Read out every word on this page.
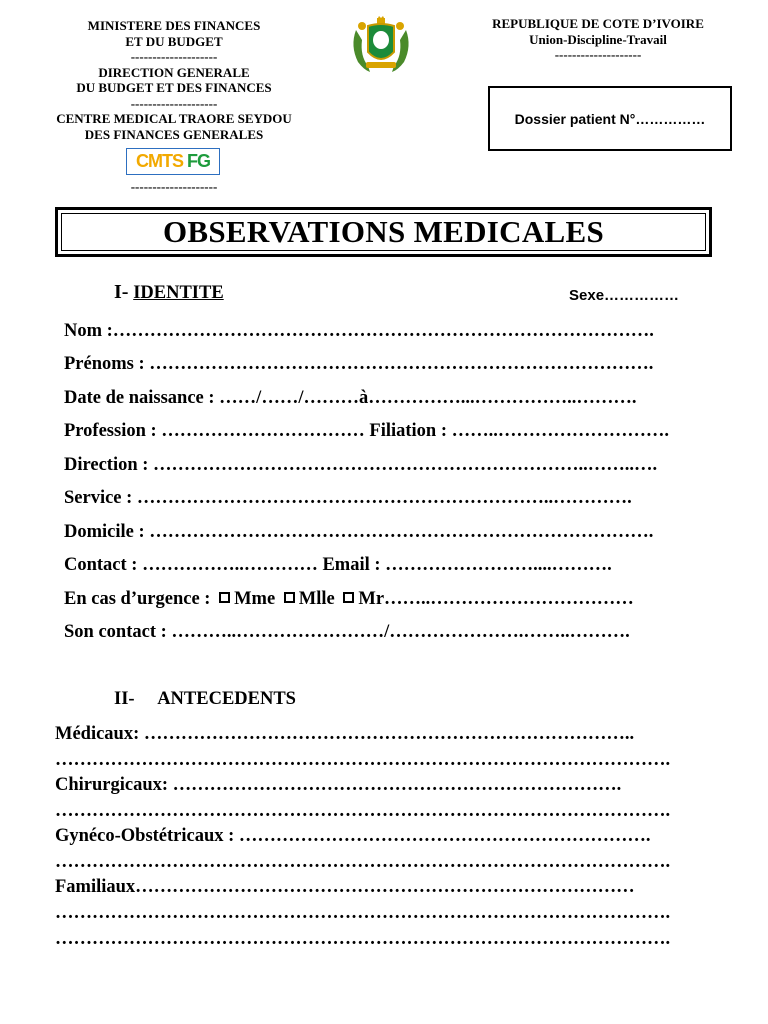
MINISTERE DES FINANCES
ET DU BUDGET
--------------------
DIRECTION GENERALE
DU BUDGET ET DES FINANCES
--------------------
CENTRE MEDICAL TRAORE SEYDOU
DES FINANCES GENERALES
CMTS FG
--------------------
REPUBLIQUE DE COTE D’IVOIRE
Union-Discipline-Travail
--------------------
Dossier patient N°……………
OBSERVATIONS MEDICALES
I- IDENTITE	Sexe……………
Nom :…………………………………………………………………………….
Prénoms : ……………………………………………………………………….
Date de naissance : ……/……/………à……………...……………..……….
Profession : …………………………… Filiation : ……..……………………….
Direction : ……………………………………………………………..……..….
Service : …………………………………………………………..………….
Domicile : ……………………………………………………………………….
Contact : ……………..………… Email : ……………………....……….
En cas d’urgence : Mme Mlle Mr……..……………………………
Son contact : ………..……………………/………………….……..……….
II- ANTECEDENTS
Médicaux: ……………………………………………………………………..
……………………………………………………………………………………….
Chirurgicaux: ……………………………………………………………….
……………………………………………………………………………………….
Gynéco-Obstétricaux : ………………………………………………………….
……………………………………………………………………………………….
Familiaux………………………………………………………………………
……………………………………………………………………………………….
……………………………………………………………………………………….
